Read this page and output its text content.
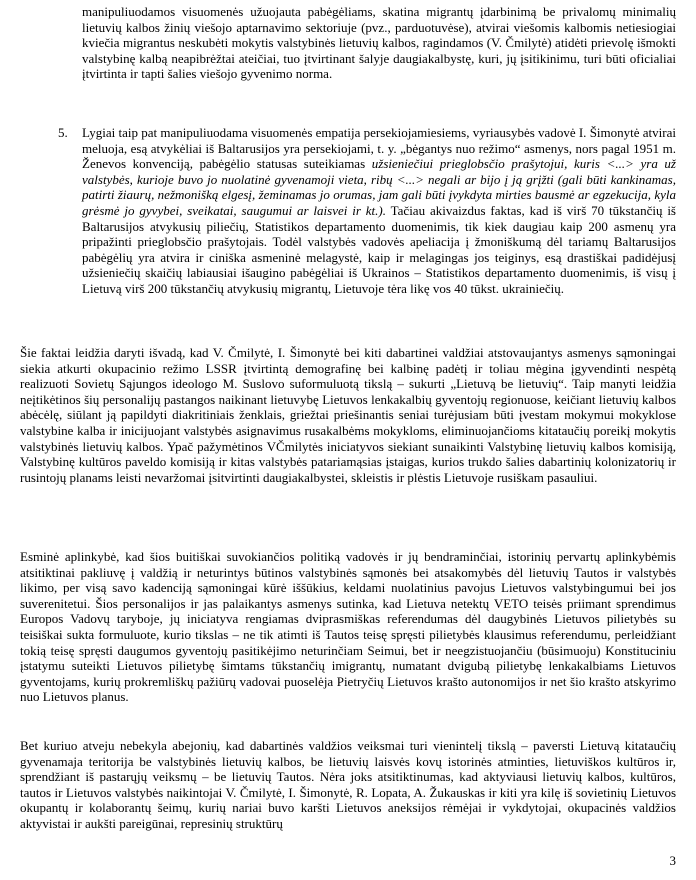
manipuliuodamos visuomenės užuojauta pabėgėliams, skatina migrantų įdarbinimą be privalomų minimalių lietuvių kalbos žinių viešojo aptarnavimo sektoriuje (pvz., parduotuvėse), atvirai viešomis kalbomis netiesiogiai kviečia migrantus neskubėti mokytis valstybinės lietuvių kalbos, ragindamos (V. Čmilytė) atidėti prievolę išmokti valstybinę kalbą neapibrėžtai ateičiai, tuo įtvirtinant šalyje daugiakalbystę, kuri, jų įsitikinimu, turi būti oficialiai įtvirtinta ir tapti šalies viešojo gyvenimo norma.
5. Lygiai taip pat manipuliuodama visuomenės empatija persekiojamiesiems, vyriausybės vadovė I. Šimonytė atvirai meluoja, esą atvykėliai iš Baltarusijos yra persekiojami, t. y. „bėgantys nuo režimo“ asmenys, nors pagal 1951 m. Ženevos konvenciją, pabėgėlio statusas suteikiamas užsieniečiui prieglobsčio prašytojui, kuris <...> yra už valstybės, kurioje buvo jo nuolatinė gyvenamoji vieta, ribų <...> negali ar bijo į ją grįžti (gali būti kankinamas, patirti žiaurų, nežmonišką elgesį, žeminamas jo orumas, jam gali būti įvykdyta mirties bausmė ar egzekucija, kyla grėsmė jo gyvybei, sveikatai, saugumui ar laisvei ir kt.). Tačiau akivaizdus faktas, kad iš virš 70 tūkstančių iš Baltarusijos atvykusių piliečių, Statistikos departamento duomenimis, tik kiek daugiau kaip 200 asmenų yra pripažinti prieglobsčio prašytojais. Todėl valstybės vadovės apeliacija į žmoniškumą dėl tariamų Baltarusijos pabėgėlių yra atvira ir ciniška asmeninė melagystė, kaip ir melagingas jos teiginys, esą drastiškai padidėjusį užsieniečių skaičių labiausiai išaugino pabėgėliai iš Ukrainos – Statistikos departamento duomenimis, iš visų į Lietuvą virš 200 tūkstančių atvykusių migrantų, Lietuvoje tėra likę vos 40 tūkst. ukrainiečių.
Šie faktai leidžia daryti išvadą, kad V. Čmilytė, I. Šimonytė bei kiti dabartinei valdžiai atstovaujantys asmenys sąmoningai siekia atkurti okupacinio režimo LSSR įtvirtintą demografinę bei kalbinę padėtį ir toliau mėgina įgyvendinti nespėtą realizuoti Sovietų Sąjungos ideologo M. Suslovo suformuluotą tikslą – sukurti „Lietuvą be lietuvių“. Taip manyti leidžia neįtikėtinos šių personalijų pastangos naikinant lietuvybę Lietuvos lenkakalbių gyventojų regionuose, keičiant lietuvių kalbos abėcėlę, siūlant ją papildyti diakritiniais ženklais, griežtai priešinantis seniai turėjusiam būti įvestam mokymui mokyklose valstybine kalba ir inicijuojant valstybės asignavimus rusakalbėms mokykloms, eliminuojančioms kitataučių poreikį mokytis valstybinės lietuvių kalbos. Ypač pažymėtinos VČmilytės iniciatyvos siekiant sunaikinti Valstybinę lietuvių kalbos komisiją, Valstybinę kultūros paveldo komisiją ir kitas valstybės patariamąsias įstaigas, kurios trukdo šalies dabartinių kolonizatorių ir rusintojų planams leisti nevaržomai įsitvirtinti daugiakalbystei, skleistis ir plėstis Lietuvoje rusiškam pasauliui.
Esminė aplinkybė, kad šios buitiškai suvokiančios politiką vadovės ir jų bendraminčiai, istorinių pervartų aplinkybėmis atsitiktinai pakliuvę į valdžią ir neturintys būtinos valstybinės sąmonės bei atsakomybės dėl lietuvių Tautos ir valstybės likimo, per visą savo kadenciją sąmoningai kūrė iššūkius, keldami nuolatinius pavojus Lietuvos valstybingumui bei jos suverenitetui. Šios personalijos ir jas palaikantys asmenys sutinka, kad Lietuva netektų VETO teisės priimant sprendimus Europos Vadovų taryboje, jų iniciatyva rengiamas dviprasmiškas referendumas dėl daugybinės Lietuvos pilietybės su teisiškai sukta formuluote, kurio tikslas – ne tik atimti iš Tautos teisę spręsti pilietybės klausimus referendumu, perleidžiant tokią teisę spręsti daugumos gyventojų pasitikėjimo neturinčiam Seimui, bet ir neegzistuojančiu (būsimuoju) Konstituciniu įstatymu suteikti Lietuvos pilietybę šimtams tūkstančių imigrantų, numatant dvigubą pilietybę lenkakalbiams Lietuvos gyventojams, kurių prokremliškų pažiūrų vadovai puoselėja Pietryčių Lietuvos krašto autonomijos ir net šio krašto atskyrimo nuo Lietuvos planus.
Bet kuriuo atveju nebekyla abejonių, kad dabartinės valdžios veiksmai turi vienintelį tikslą – paversti Lietuvą kitataučių gyvenamaja teritorija be valstybinės lietuvių kalbos, be lietuvių laisvės kovų istorinės atminties, lietuviškos kultūros ir, sprendžiant iš pastarųjų veiksmų – be lietuvių Tautos. Nėra joks atsitiktinumas, kad aktyviausi lietuvių kalbos, kultūros, tautos ir Lietuvos valstybės naikintojai V. Čmilytė, I. Šimonytė, R. Lopata, A. Žukauskas ir kiti yra kilę iš sovietinių Lietuvos okupantų ir kolaborantų šeimų, kurių nariai buvo karšti Lietuvos aneksijos rėmėjai ir vykdytojai, okupacinės valdžios aktyvistai ir aukšti pareigūnai, represinių struktūrų
3
